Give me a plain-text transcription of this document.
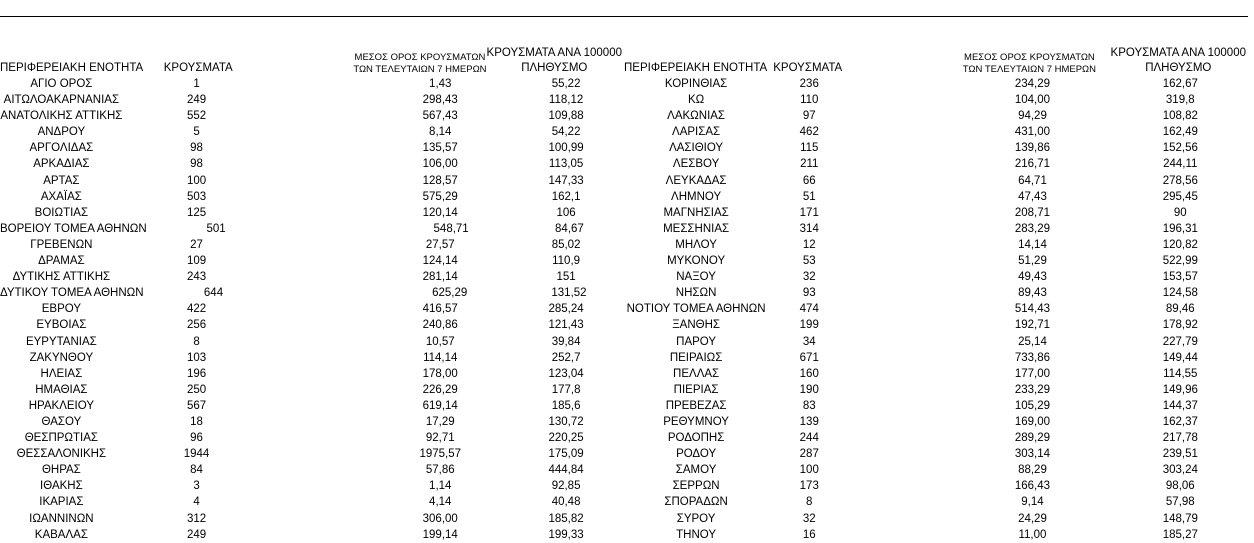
ΠΕΡΙΦΕΡΕΙΑΚΗ ΕΝΟΤΗΤΑ	ΚΡΟΥΣΜΑΤΑ
ΜΕΣΟΣ ΟΡΟΣ ΚΡΟΥΣΜΑΤΩΝ
ΤΩΝ ΤΕΛΕΥΤΑΙΩΝ 7 ΗΜΕΡΩΝ
ΚΡΟΥΣΜΑΤΑ ΑΝΑ 100000
ΠΛΗΘΥΣΜΟ
ΑΓΙΟ ΟΡΟΣ	1	1,43	55,22
ΑΙΤΩΛΟΑΚΑΡΝΑΝΙΑΣ	249	298,43	118,12
ΑΝΑΤΟΛΙΚΗΣ ΑΤΤΙΚΗΣ	552	567,43	109,88
ΑΝΔΡΟΥ	5	8,14	54,22
ΑΡΓΟΛΙΔΑΣ	98	135,57	100,99
ΑΡΚΑΔΙΑΣ	98	106,00	113,05
ΑΡΤΑΣ	100	128,57	147,33
ΑΧΑΪΑΣ	503	575,29	162,1
ΒΟΙΩΤΙΑΣ	125	120,14	106
ΒΟΡΕΙΟΥ ΤΟΜΕΑ ΑΘΗΝΩΝ	501	548,71	84,67
ΓΡΕΒΕΝΩΝ	27	27,57	85,02
ΔΡΑΜΑΣ	109	124,14	110,9
ΔΥΤΙΚΗΣ ΑΤΤΙΚΗΣ	243	281,14	151
ΔΥΤΙΚΟΥ ΤΟΜΕΑ ΑΘΗΝΩΝ	644	625,29	131,52
ΕΒΡΟΥ	422	416,57	285,24
ΕΥΒΟΙΑΣ	256	240,86	121,43
ΕΥΡΥΤΑΝΙΑΣ	8	10,57	39,84
ΖΑΚΥΝΘΟΥ	103	114,14	252,7
ΗΛΕΙΑΣ	196	178,00	123,04
ΗΜΑΘΙΑΣ	250	226,29	177,8
ΗΡΑΚΛΕΙΟΥ	567	619,14	185,6
ΘΑΣΟΥ	18	17,29	130,72
ΘΕΣΠΡΩΤΙΑΣ	96	92,71	220,25
ΘΕΣΣΑΛΟΝΙΚΗΣ	1944	1975,57	175,09
ΘΗΡΑΣ	84	57,86	444,84
ΙΘΑΚΗΣ	3	1,14	92,85
ΙΚΑΡΙΑΣ	4	4,14	40,48
ΙΩΑΝΝΙΝΩΝ	312	306,00	185,82
ΚΑΒΑΛΑΣ	249	199,14	199,33
ΠΕΡΙΦΕΡΕΙΑΚΗ ΕΝΟΤΗΤΑ ΚΡΟΥΣΜΑΤΑ
ΜΕΣΟΣ ΟΡΟΣ ΚΡΟΥΣΜΑΤΩΝ
ΤΩΝ ΤΕΛΕΥΤΑΙΩΝ 7 ΗΜΕΡΩΝ
ΚΡΟΥΣΜΑΤΑ ΑΝΑ 100000
ΠΛΗΘΥΣΜΟ
ΚΟΡΙΝΘΙΑΣ	236	234,29	162,67
ΚΩ	110	104,00	319,8
ΛΑΚΩΝΙΑΣ	97	94,29	108,82
ΛΑΡΙΣΑΣ	462	431,00	162,49
ΛΑΣΙΘΙΟΥ	115	139,86	152,56
ΛΕΣΒΟΥ	211	216,71	244,11
ΛΕΥΚΑΔΑΣ	66	64,71	278,56
ΛΗΜΝΟΥ	51	47,43	295,45
ΜΑΓΝΗΣΙΑΣ	171	208,71	90
ΜΕΣΣΗΝΙΑΣ	314	283,29	196,31
ΜΗΛΟΥ	12	14,14	120,82
ΜΥΚΟΝΟΥ	53	51,29	522,99
ΝΑΞΟΥ	32	49,43	153,57
ΝΗΣΩΝ	93	89,43	124,58
ΝΟΤΙΟΥ ΤΟΜΕΑ ΑΘΗΝΩΝ	474	514,43	89,46
ΞΑΝΘΗΣ	199	192,71	178,92
ΠΑΡΟΥ	34	25,14	227,79
ΠΕΙΡΑΙΩΣ	671	733,86	149,44
ΠΕΛΛΑΣ	160	177,00	114,55
ΠΙΕΡΙΑΣ	190	233,29	149,96
ΠΡΕΒΕΖΑΣ	83	105,29	144,37
ΡΕΘΥΜΝΟΥ	139	169,00	162,37
ΡΟΔΟΠΗΣ	244	289,29	217,78
ΡΟΔΟΥ	287	303,14	239,51
ΣΑΜΟΥ	100	88,29	303,24
ΣΕΡΡΩΝ	173	166,43	98,06
ΣΠΟΡΑΔΩΝ	8	9,14	57,98
ΣΥΡΟΥ	32	24,29	148,79
ΤΗΝΟΥ	16	11,00	185,27
